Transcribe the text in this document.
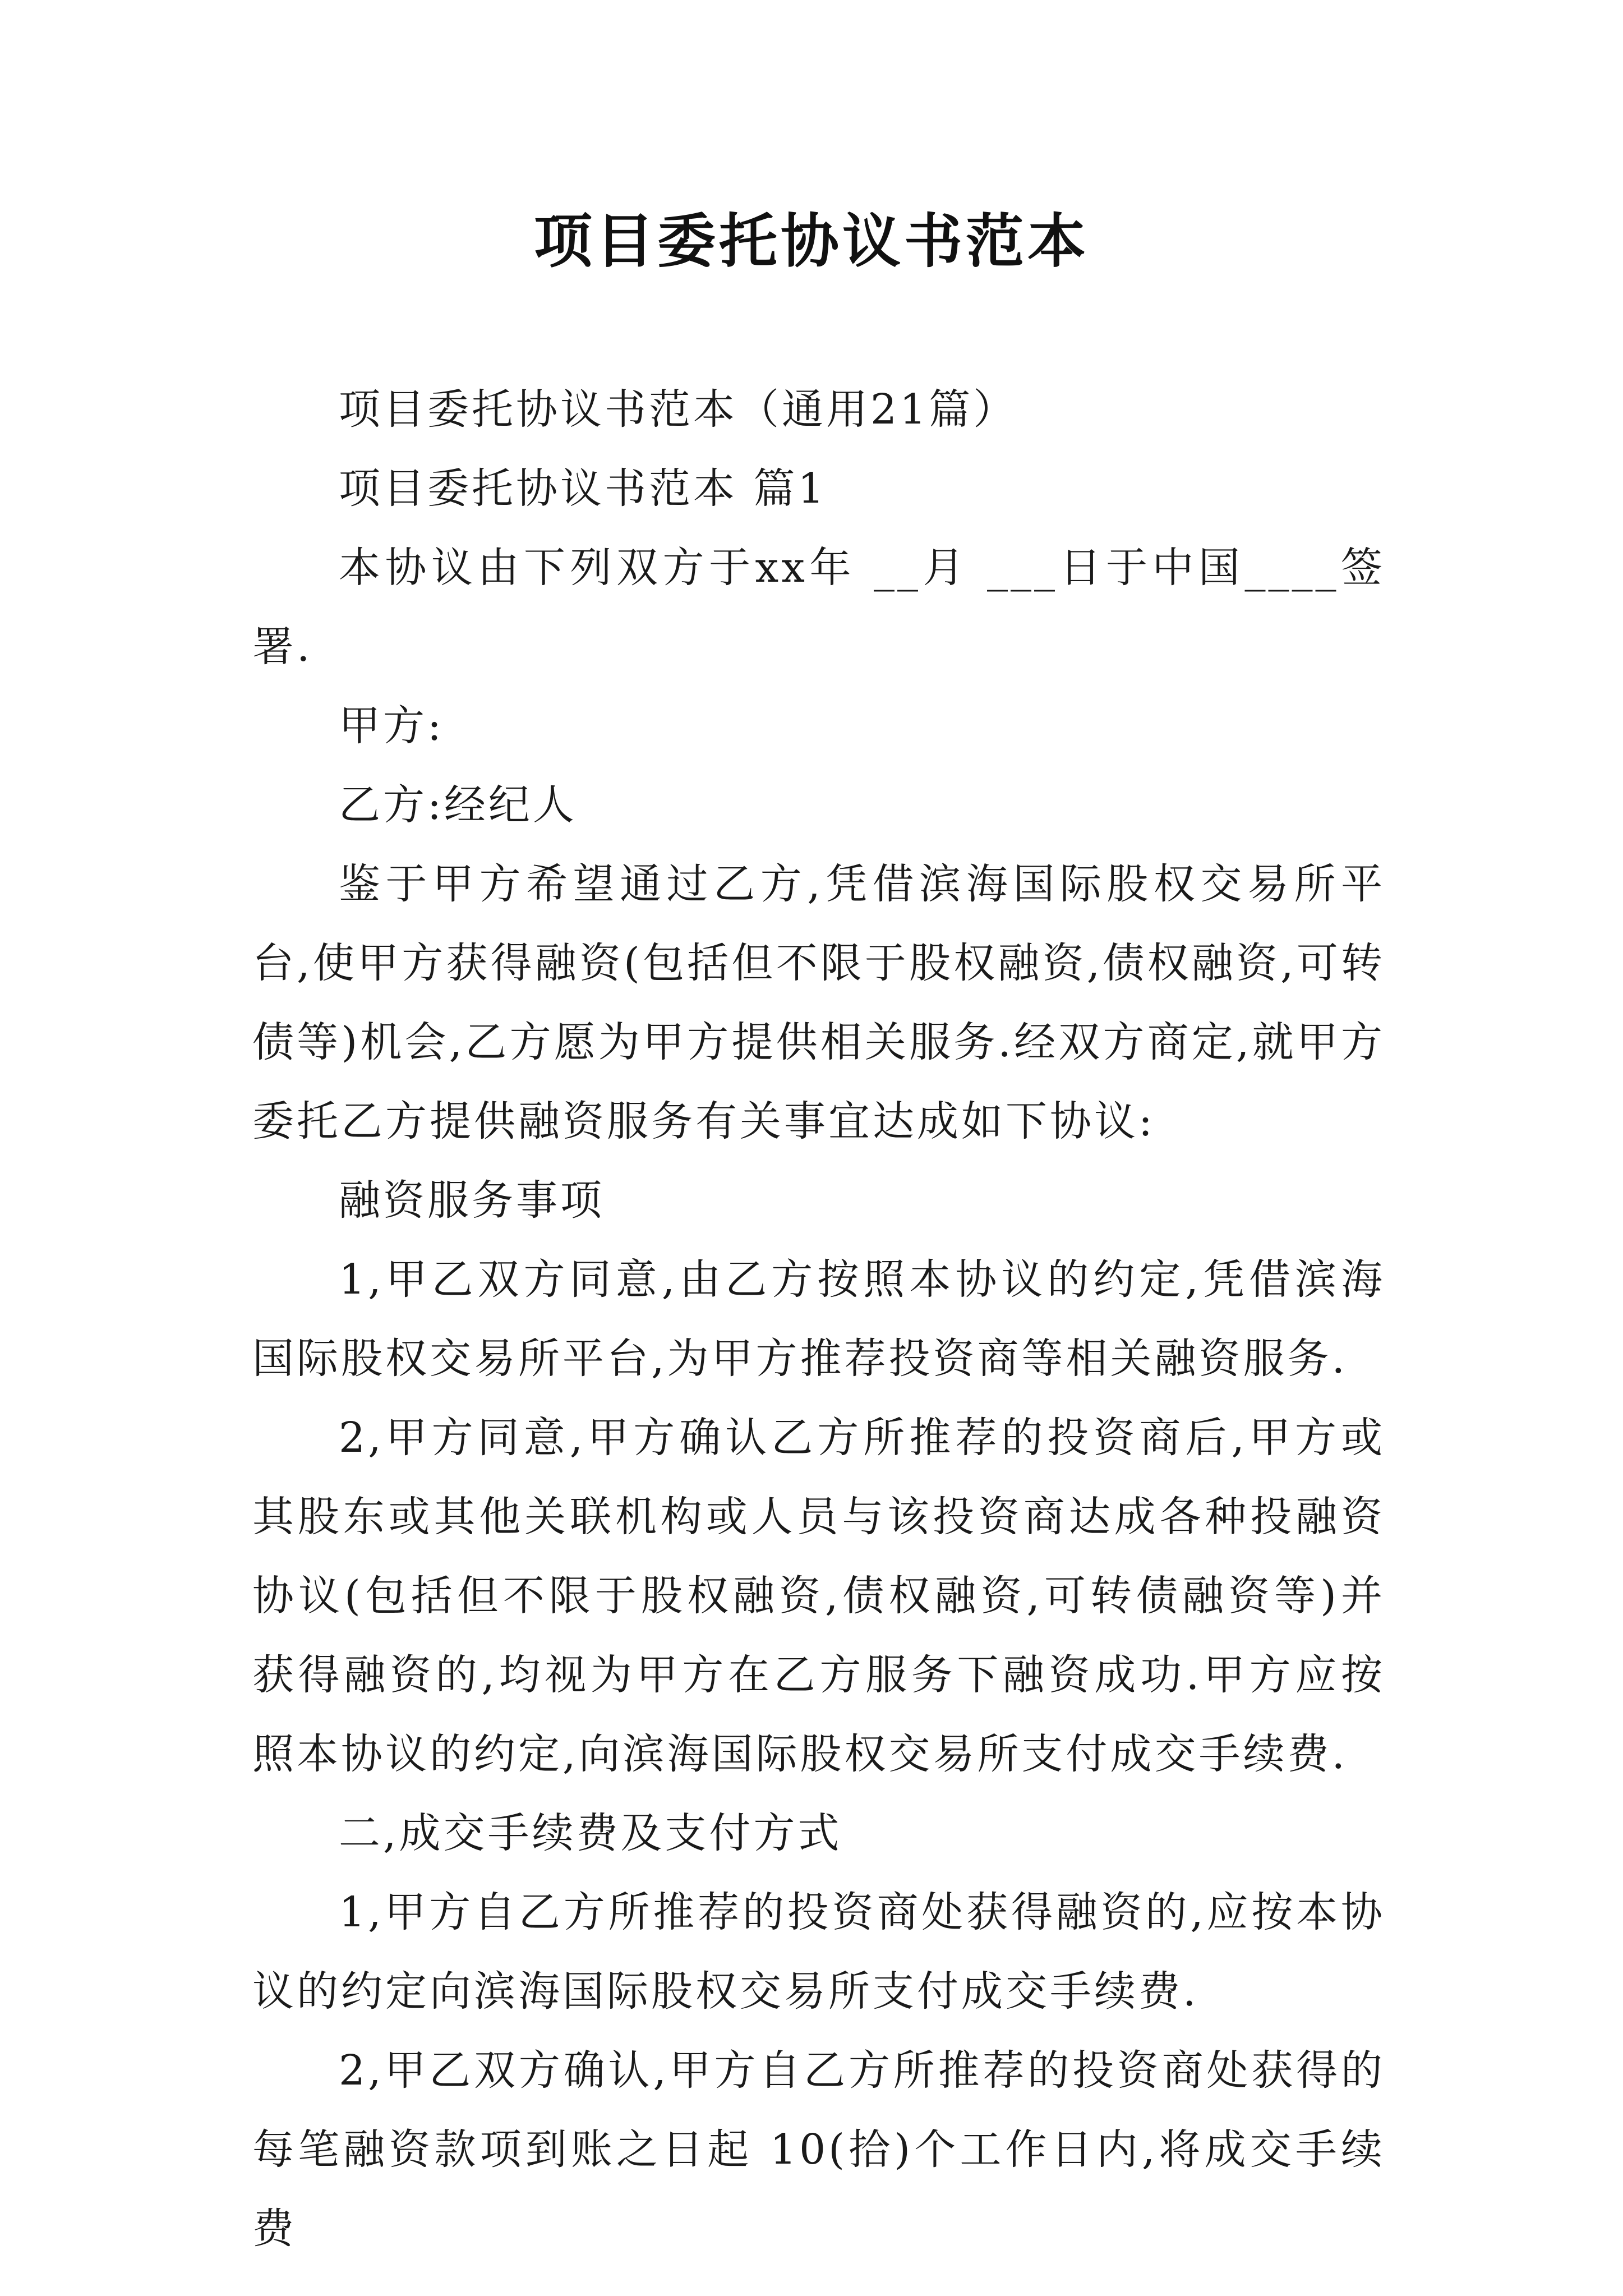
项目委托协议书范本

项目委托协议书范本（通用21篇）

项目委托协议书范本 篇1

本协议由下列双方于xx年 __月 ___日于中国____签署.

甲方:

乙方:经纪人

鉴于甲方希望通过乙方,凭借滨海国际股权交易所平台,使甲方获得融资(包括但不限于股权融资,债权融资,可转债等)机会,乙方愿为甲方提供相关服务.经双方商定,就甲方委托乙方提供融资服务有关事宜达成如下协议:

融资服务事项

1,甲乙双方同意,由乙方按照本协议的约定,凭借滨海国际股权交易所平台,为甲方推荐投资商等相关融资服务.

2,甲方同意,甲方确认乙方所推荐的投资商后,甲方或其股东或其他关联机构或人员与该投资商达成各种投融资协议(包括但不限于股权融资,债权融资,可转债融资等)并获得融资的,均视为甲方在乙方服务下融资成功.甲方应按照本协议的约定,向滨海国际股权交易所支付成交手续费.

二,成交手续费及支付方式

1,甲方自乙方所推荐的投资商处获得融资的,应按本协议的约定向滨海国际股权交易所支付成交手续费.

2,甲乙双方确认,甲方自乙方所推荐的投资商处获得的每笔融资款项到账之日起 10(拾)个工作日内,将成交手续费
